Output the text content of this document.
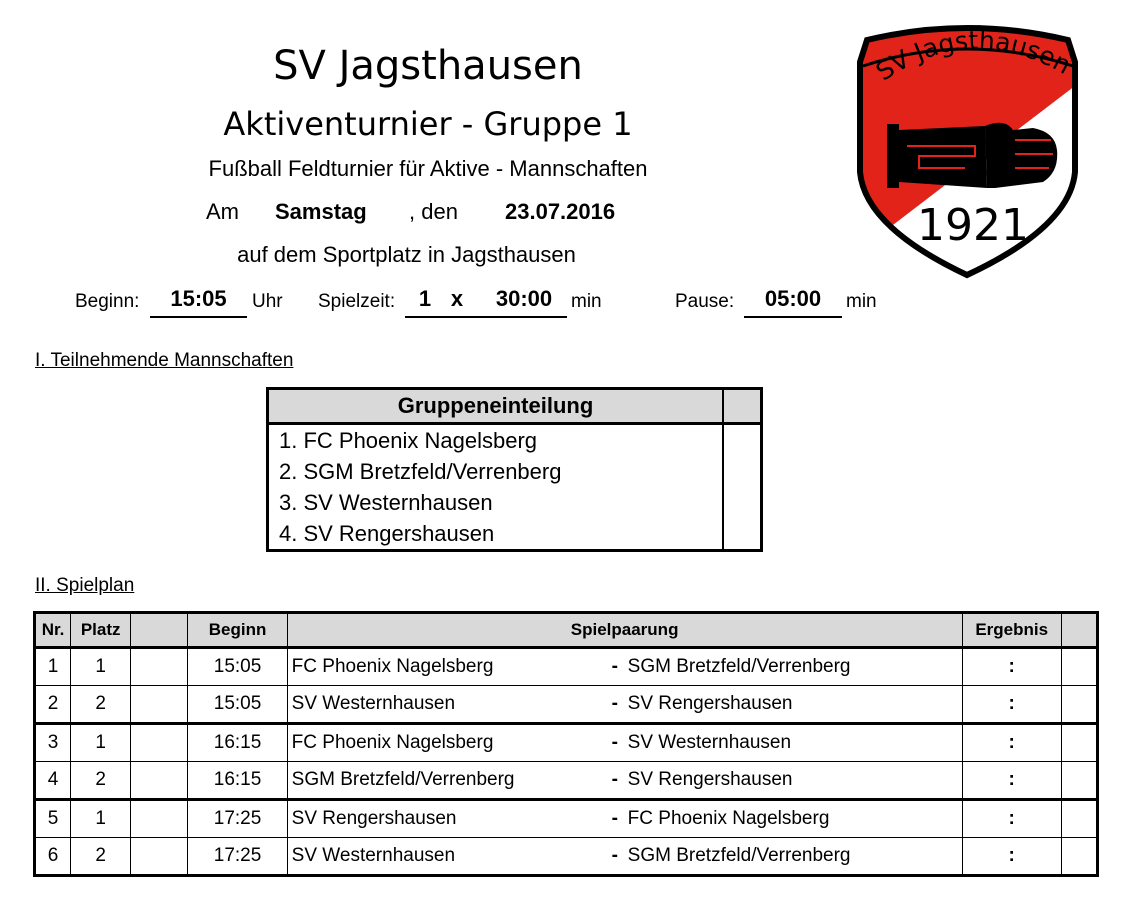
SV Jagsthausen
Aktiventurnier - Gruppe 1
Fußball Feldturnier für Aktive - Mannschaften
Am Samstag , den 23.07.2016
auf dem Sportplatz in Jagsthausen
Beginn:	15:05	Uhr Spielzeit: 1 x	30:00 min	Pause:	05:00	min
SV Jagsthausen
1921
I. Teilnehmende Mannschaften
Gruppeneinteilung	
1. FC Phoenix Nagelsberg	
2. SGM Bretzfeld/Verrenberg	
3. SV Westernhausen	
4. SV Rengershausen	
II. Spielplan
Nr.	Platz		Beginn	Spielpaarung	Ergebnis	
1	1		15:05	FC Phoenix Nagelsberg - SGM Bretzfeld/Verrenberg	:	
2	2		15:05	SV Westernhausen - SV Rengershausen	:	
3	1		16:15	FC Phoenix Nagelsberg - SV Westernhausen	:	
4	2		16:15	SGM Bretzfeld/Verrenberg - SV Rengershausen	:	
5	1		17:25	SV Rengershausen - FC Phoenix Nagelsberg	:	
6	2		17:25	SV Westernhausen - SGM Bretzfeld/Verrenberg	:	
